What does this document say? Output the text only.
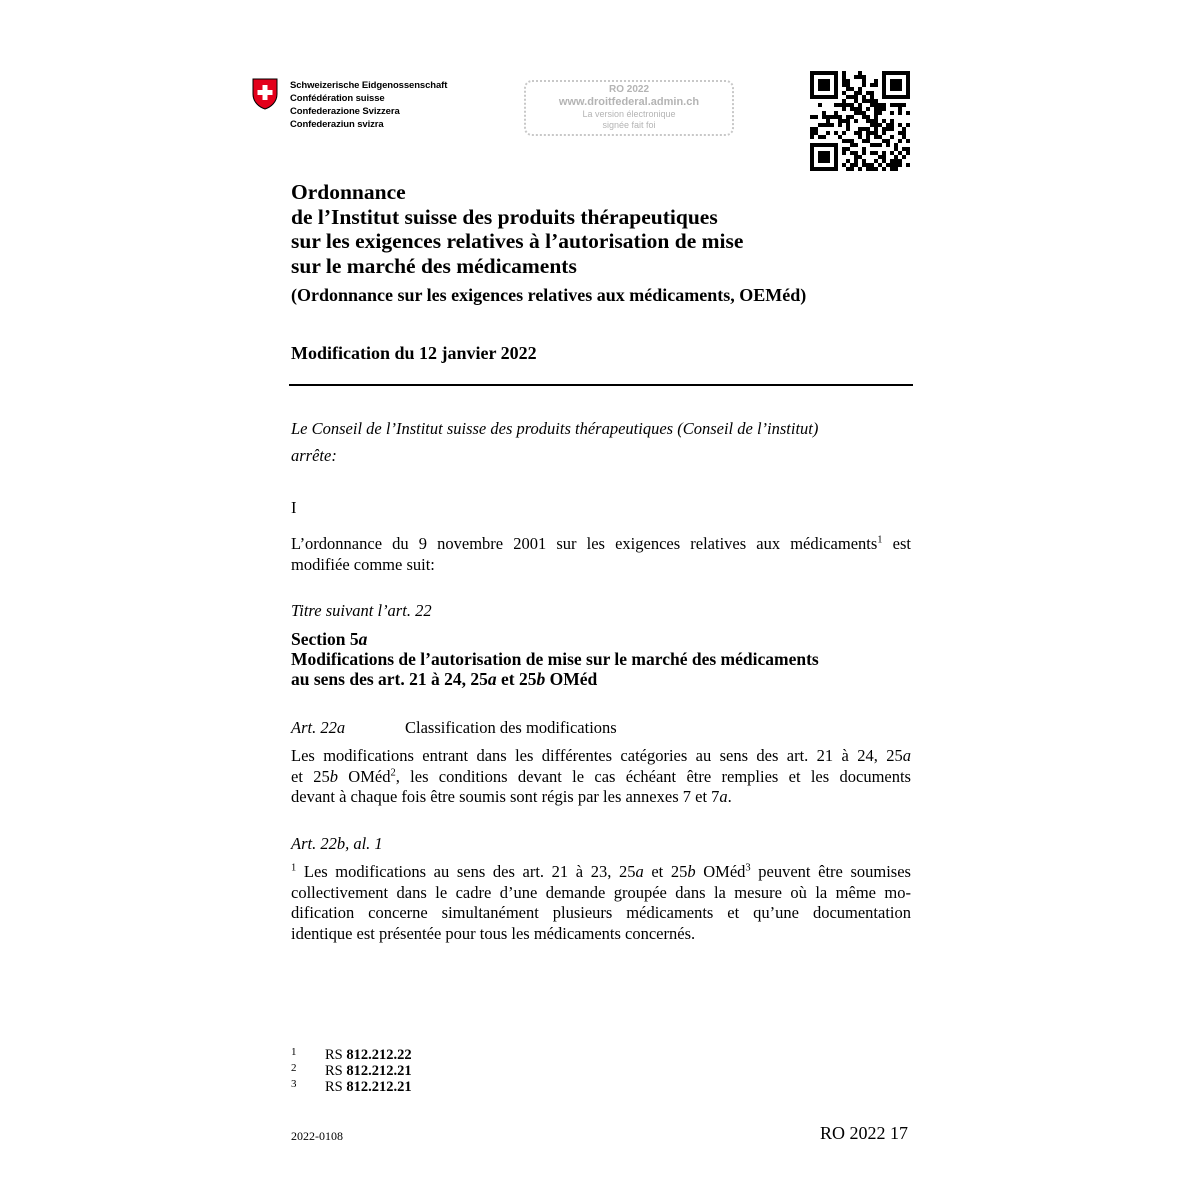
Schweizerische Eidgenossenschaft
Confédération suisse
Confederazione Svizzera
Confederaziun svizra
RO 2022
www.droitfederal.admin.ch
La version électronique
signée fait foi
Ordonnance
de l’Institut suisse des produits thérapeutiques
sur les exigences relatives à l’autorisation de mise
sur le marché des médicaments
(Ordonnance sur les exigences relatives aux médicaments, OEMéd)
Modification du 12 janvier 2022
Le Conseil de l’Institut suisse des produits thérapeutiques (Conseil de l’institut)
arrête:
I
L’ordonnance du 9 novembre 2001 sur les exigences relatives aux médicaments$^1$ est
modifiée comme suit:
Titre suivant l’art. 22
Section 5a
Modifications de l’autorisation de mise sur le marché des médicaments
au sens des art. 21 à 24, 25a et 25b OMéd
Art. 22a	Classification des modifications
Les modifications entrant dans les différentes catégories au sens des art. 21 à 24, 25a
et 25b OMéd$^2$, les conditions devant le cas échéant être remplies et les documents
devant à chaque fois être soumis sont régis par les annexes 7 et 7a.
Art. 22b, al. 1
$^1$ Les modifications au sens des art. 21 à 23, 25a et 25b OMéd$^3$ peuvent être soumises
collectivement dans le cadre d’une demande groupée dans la mesure où la même mo-
dification concerne simultanément plusieurs médicaments et qu’une documentation
identique est présentée pour tous les médicaments concernés.
1 RS 812.212.22
2 RS 812.212.21
3 RS 812.212.21
2022-0108	RO 2022 17
